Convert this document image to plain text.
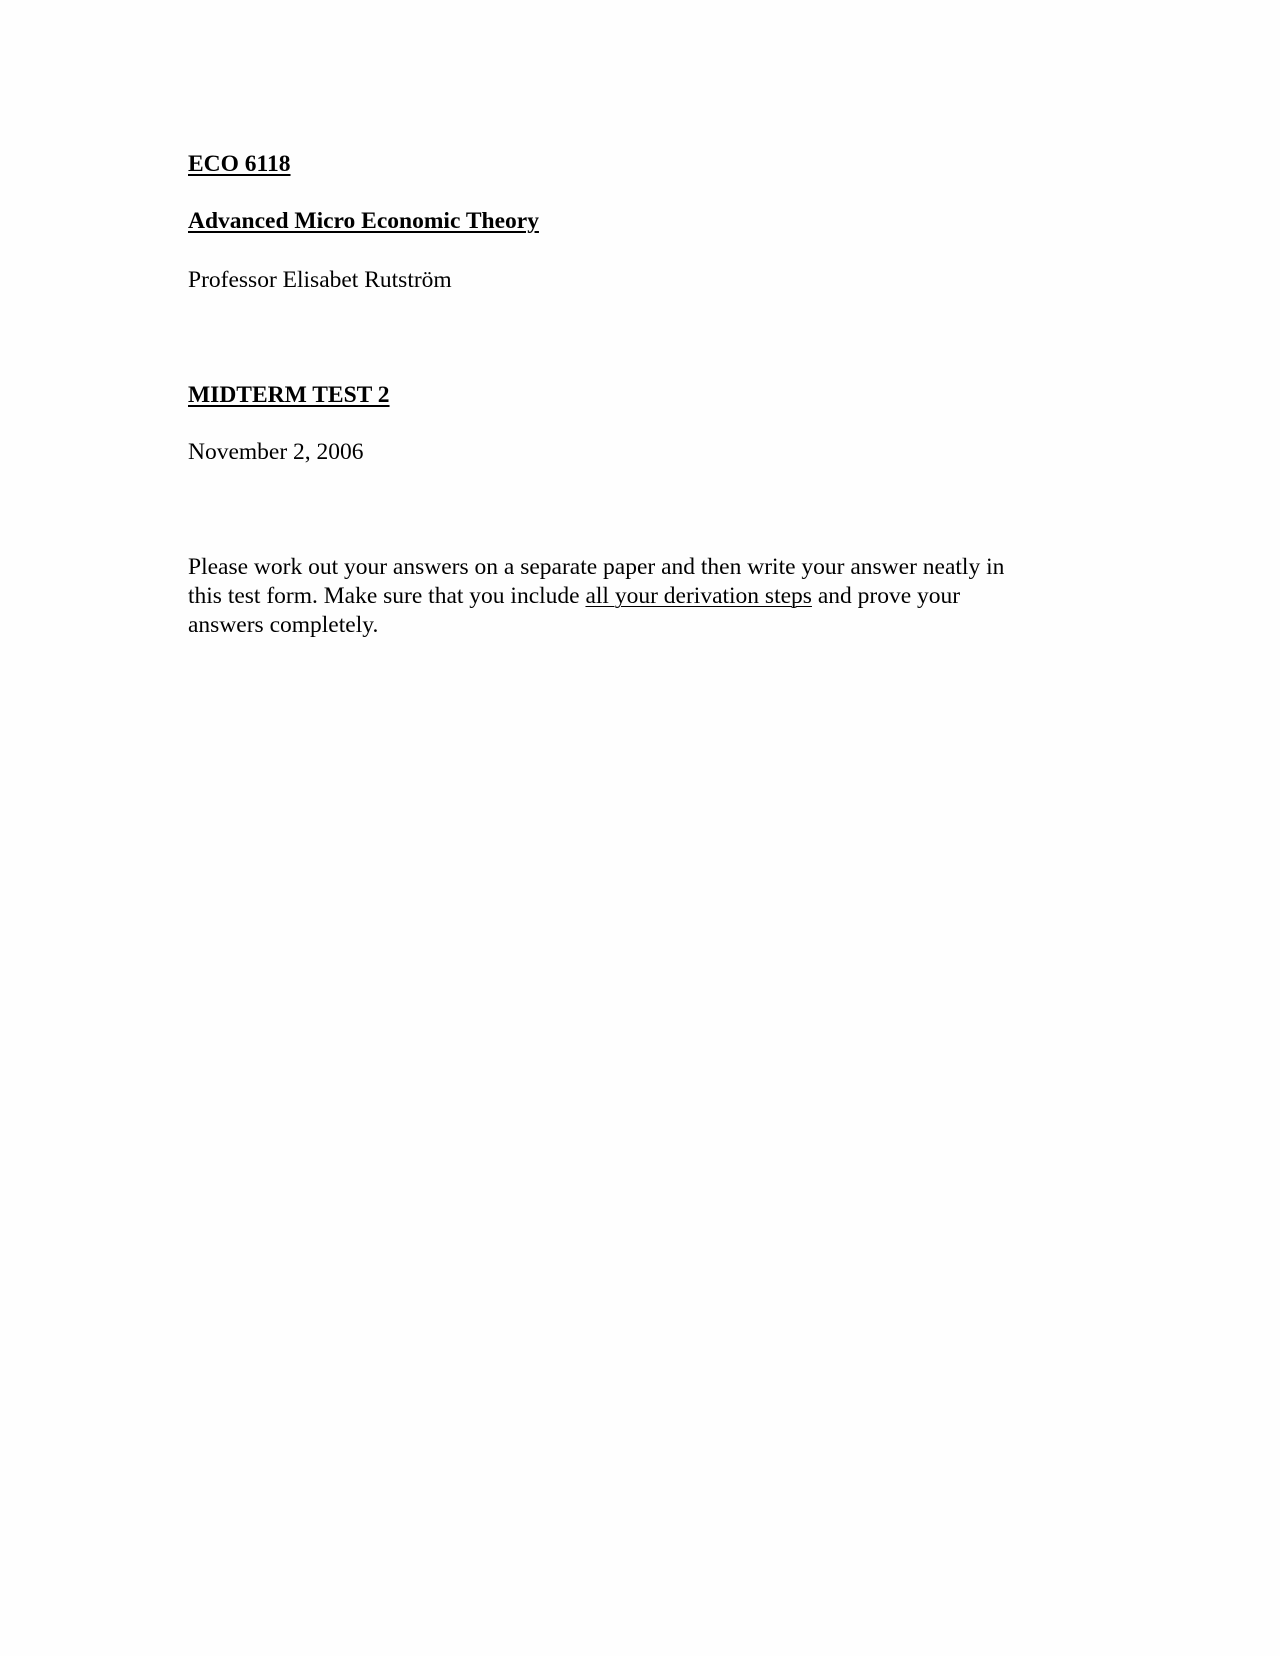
ECO 6118

Advanced Micro Economic Theory

Professor Elisabet Rutström

MIDTERM TEST 2

November 2, 2006

Please work out your answers on a separate paper and then write your answer neatly in
this test form. Make sure that you include all your derivation steps and prove your
answers completely.
